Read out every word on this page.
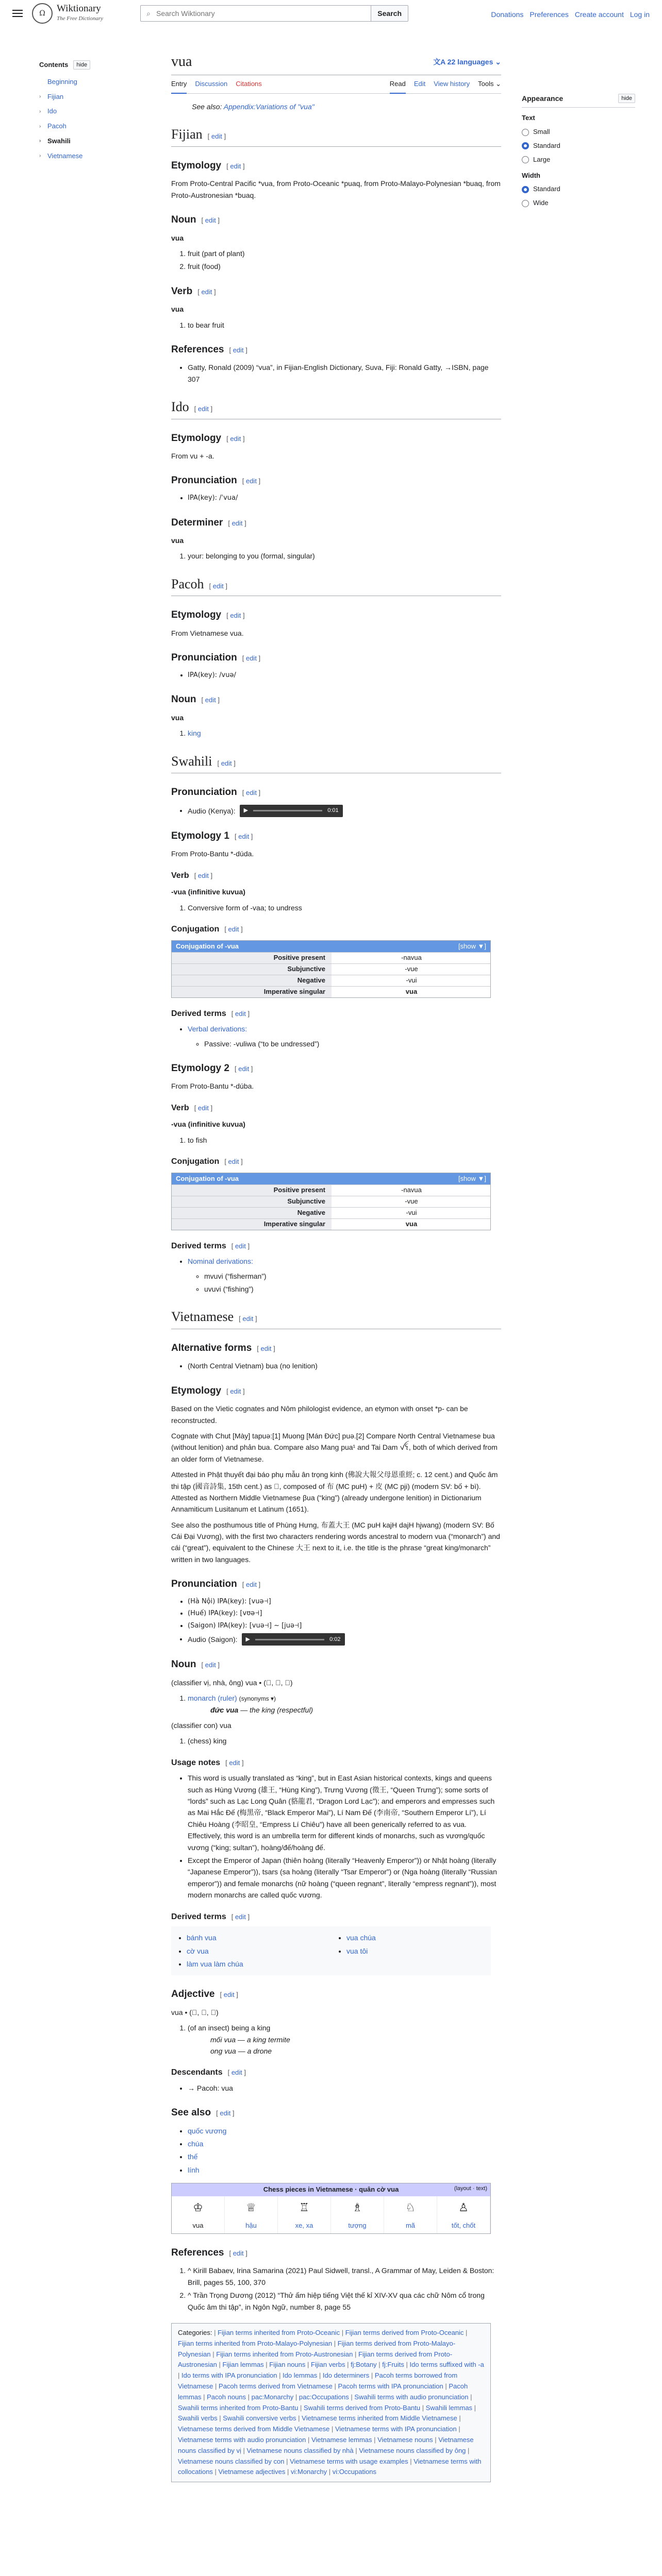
Ω	Wiktionary
The Free Dictionary
⌕
Search Wiktionary	Search	Donations Preferences Create account Log in
Contents	hide
Beginning
› Fijian
› Ido
› Pacoh
› Swahili
› Vietnamese
Appearance	hide
Text
Small
Standard
Large
Width
Standard
Wide
vua	文A 22 languages ⌄
Entry Discussion Citations	Read Edit View history Tools ⌄
See also: Appendix:Variations of "vua"
Fijian [ edit ]
Etymology [ edit ]

From Proto-Central Pacific *vua, from Proto-Oceanic *puaq, from Proto-Malayo-Polynesian *buaq, from Proto-Austronesian *buaq.

Noun [ edit ]

vua

1. fruit (part of plant)
2. fruit (food)
Verb [ edit ]

vua

1. to bear fruit
References [ edit ]
• Gatty, Ronald (2009) “vua”, in Fijian-English Dictionary, Suva, Fiji: Ronald Gatty, →ISBN, page 307
Ido [ edit ]
Etymology [ edit ]

From vu + -a.

Pronunciation [ edit ]
• IPA(key): /ˈvua/
Determiner [ edit ]

vua

1. your: belonging to you (formal, singular)
Pacoh [ edit ]
Etymology [ edit ]

From Vietnamese vua.

Pronunciation [ edit ]
• IPA(key): /vuə/
Noun [ edit ]

vua

1. king
Swahili [ edit ]
Pronunciation [ edit ]
• Audio (Kenya): ▶	0:01
Etymology 1 [ edit ]

From Proto-Bantu *-dúda.

Verb [ edit ]

-vua (infinitive kuvua)

1. Conversive form of -vaa; to undress
Conjugation [ edit ]
Conjugation of -vua	[show ▼]
Positive present	-navua
Subjunctive	-vue
Negative	-vui
Imperative singular	vua
Derived terms [ edit ]
• Verbal derivations:
◦ Passive: -vuliwa (“to be undressed”)
Etymology 2 [ edit ]

From Proto-Bantu *-dúba.

Verb [ edit ]

-vua (infinitive kuvua)

1. to fish
Conjugation [ edit ]
Conjugation of -vua	[show ▼]
Positive present	-navua
Subjunctive	-vue
Negative	-vui
Imperative singular	vua
Derived terms [ edit ]
• Nominal derivations:
◦ mvuvi (“fisherman”)
◦ uvuvi (“fishing”)
Vietnamese [ edit ]
Alternative forms [ edit ]
• (North Central Vietnam) bua (no lenition)
Etymology [ edit ]

Based on the Vietic cognates and Nôm philologist evidence, an etymon with onset *p- can be reconstructed.

Cognate with Chut [Mày] tapuə:[1] Muong [Mán Đức] puə.[2] Compare North Central Vietnamese bua (without lenition) and phản bua. Compare also Mang pua¹ and Tai Dam ꪜꪺ, both of which derived from an older form of Vietnamese.

Attested in Phật thuyết đại báo phụ mẫu ân trọng kinh (佛說大報父母恩重經; c. 12 cent.) and Quốc âm thi tập (國音詩集, 15th cent.) as 𢁋, composed of 布 (MC puH) + 皮 (MC pji) (modern SV: bố + bì). Attested as Northern Middle Vietnamese βua (“king”) (already undergone lenition) in Dictionarium Annamiticum Lusitanum et Latinum (1651).

See also the posthumous title of Phùng Hưng, 布蓋大王 (MC puH kajH dajH hjwang) (modern SV: Bố Cái Đại Vương), with the first two characters rendering words ancestral to modern vua (“monarch”) and cái (“great”), equivalent to the Chinese 大王 next to it, i.e. the title is the phrase “great king/monarch” written in two languages.

Pronunciation [ edit ]
• (Hà Nội) IPA(key): [vuə˧˧]
• (Huế) IPA(key): [vʊə˧˧]
• (Saigon) IPA(key): [vuə˧˧] ~ [juə˧˧]
• Audio (Saigon): ▶	0:02
Noun [ edit ]

(classifier vị, nhà, ông) vua • (𢁋, 𤤰, 𤤱)

1. monarch (ruler) (synonyms ▾)
đức vua — the king (respectful)

(classifier con) vua

1. (chess) king
Usage notes [ edit ]
• This word is usually translated as “king”, but in East Asian historical contexts, kings and queens such as Hùng Vương (雄王, “Hùng King”), Trưng Vương (徵王, “Queen Trưng”); some sorts of “lords” such as Lạc Long Quân (貉龍君, “Dragon Lord Lạc”); and emperors and empresses such as Mai Hắc Đế (梅黑帝, “Black Emperor Mai”), Lí Nam Đế (李南帝, “Southern Emperor Lí”), Lí Chiêu Hoàng (李昭皇, “Empress Lí Chiêu”) have all been generically referred to as vua. Effectively, this word is an umbrella term for different kinds of monarchs, such as vương/quốc vương (“king; sultan”), hoàng/đế/hoàng đế.
• Except the Emperor of Japan (thiên hoàng (literally “Heavenly Emperor”)) or Nhật hoàng (literally “Japanese Emperor”)), tsars (sa hoàng (literally “Tsar Emperor”) or (Nga hoàng (literally “Russian emperor”)) and female monarchs (nữ hoàng (“queen regnant”, literally “empress regnant”)), most modern monarchs are called quốc vương.
Derived terms [ edit ]
• bánh vua
• cờ vua
• làm vua làm chúa
• vua chúa
• vua tôi
Adjective [ edit ]

vua • (𢁋, 𤤰, 𤤱)

1. (of an insect) being a king
mối vua — a king termite
ong vua — a drone
Descendants [ edit ]
• → Pacoh: vua
See also [ edit ]
• quốc vương
• chúa
• thế
• lính
Chess pieces in Vietnamese · quân cờ vua	(layout · text)
♔	♕	♖	♗	♘	♙
vua	hậu	xe, xa	tượng	mã	tốt, chốt
References [ edit ]
1. ^ Kirill Babaev, Irina Samarina (2021) Paul Sidwell, transl., A Grammar of May, Leiden & Boston: Brill, pages 55, 100, 370
2. ^ Trần Trọng Dương (2012) “Thử ấm hiệp tiếng Việt thế kỉ XIV-XV qua các chữ Nôm cổ trong Quốc âm thi tập”, in Ngôn Ngữ, number 8, page 55
Categories: | Fijian terms inherited from Proto-Oceanic | Fijian terms derived from Proto-Oceanic | Fijian terms inherited from Proto-Malayo-Polynesian | Fijian terms derived from Proto-Malayo-Polynesian | Fijian terms inherited from Proto-Austronesian | Fijian terms derived from Proto-Austronesian | Fijian lemmas | Fijian nouns | Fijian verbs | fj:Botany | fj:Fruits | Ido terms suffixed with -a | Ido terms with IPA pronunciation | Ido lemmas | Ido determiners | Pacoh terms borrowed from Vietnamese | Pacoh terms derived from Vietnamese | Pacoh terms with IPA pronunciation | Pacoh lemmas | Pacoh nouns | pac:Monarchy | pac:Occupations | Swahili terms with audio pronunciation | Swahili terms inherited from Proto-Bantu | Swahili terms derived from Proto-Bantu | Swahili lemmas | Swahili verbs | Swahili conversive verbs | Vietnamese terms inherited from Middle Vietnamese | Vietnamese terms derived from Middle Vietnamese | Vietnamese terms with IPA pronunciation | Vietnamese terms with audio pronunciation | Vietnamese lemmas | Vietnamese nouns | Vietnamese nouns classified by vị | Vietnamese nouns classified by nhà | Vietnamese nouns classified by ông | Vietnamese nouns classified by con | Vietnamese terms with usage examples | Vietnamese terms with collocations | Vietnamese adjectives | vi:Monarchy | vi:Occupations
